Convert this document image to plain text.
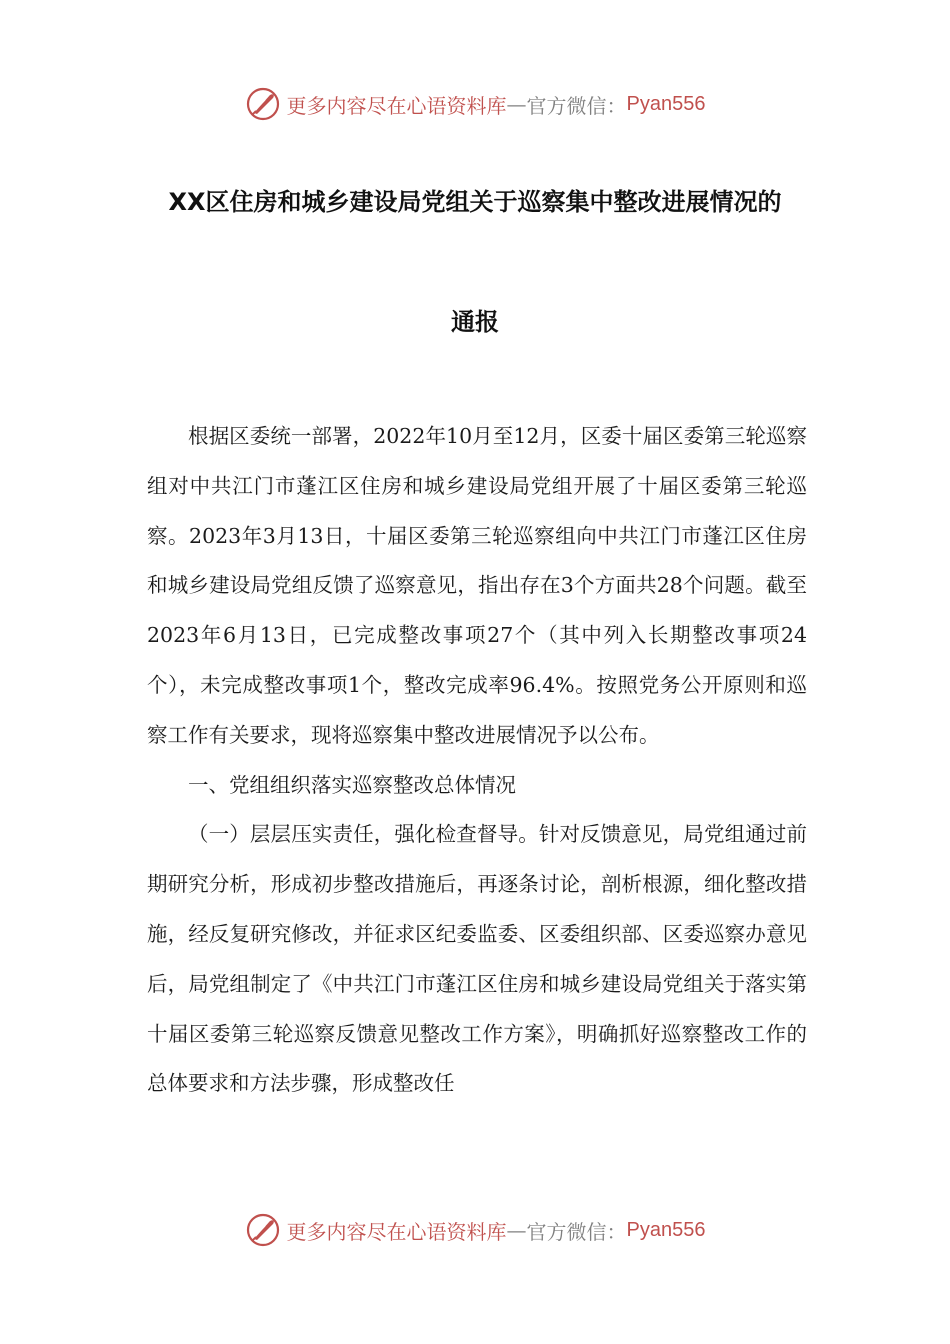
更多内容尽在心语资料库 — 官方微信： Pyan556
XX区住房和城乡建设局党组关于巡察集中整改进展情况的
通报

根据区委统一部署，2022年10月至12月，区委十届区委第三轮巡察组对中共江门市蓬江区住房和城乡建设局党组开展了十届区委第三轮巡察。2023年3月13日，十届区委第三轮巡察组向中共江门市蓬江区住房和城乡建设局党组反馈了巡察意见，指出存在3个方面共28个问题。截至2023年6月13日，已完成整改事项27个（其中列入长期整改事项24个），未完成整改事项1个，整改完成率96.4%。按照党务公开原则和巡察工作有关要求，现将巡察集中整改进展情况予以公布。

一、党组组织落实巡察整改总体情况

（一）层层压实责任，强化检查督导。针对反馈意见，局党组通过前期研究分析，形成初步整改措施后，再逐条讨论，剖析根源，细化整改措施，经反复研究修改，并征求区纪委监委、区委组织部、区委巡察办意见后，局党组制定了《中共江门市蓬江区住房和城乡建设局党组关于落实第十届区委第三轮巡察反馈意见整改工作方案》，明确抓好巡察整改工作的总体要求和方法步骤，形成整改任

更多内容尽在心语资料库 — 官方微信： Pyan556
